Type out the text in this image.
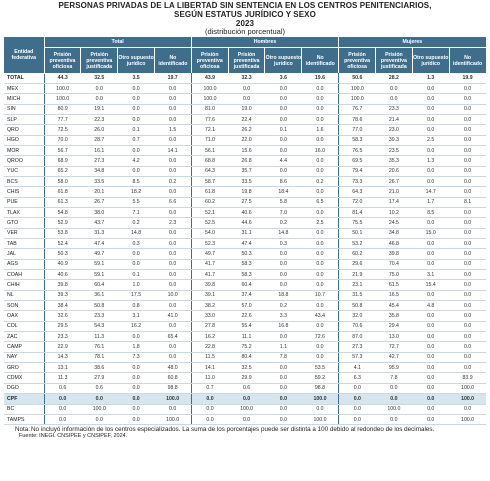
PERSONAS PRIVADAS DE LA LIBERTAD SIN SENTENCIA EN LOS CENTROS PENITENCIARIOS,
SEGÚN ESTATUS JURÍDICO Y SEXO
2023
(distribución porcentual)
Entidad federativa	Total				Hombres				Mujeres			
	Prisión preventiva oficiosa	Prisión preventiva justificada	Otro supuesto jurídico	No identificado	Prisión preventiva oficiosa	Prisión preventiva justificada	Otro supuesto jurídico	No identificado	Prisión preventiva oficiosa	Prisión preventiva justificada	Otro supuesto jurídico	No identificado
TOTAL	44.3	32.5	3.5	19.7	43.9	32.3	3.6	19.6	50.6	28.2	1.3	19.9
MEX	100.0	0.0	0.0	0.0	100.0	0.0	0.0	0.0	100.0	0.0	0.0	0.0
MICH	100.0	0.0	0.0	0.0	100.0	0.0	0.0	0.0	100.0	0.0	0.0	0.0
SIN	80.9	19.1	0.0	0.0	81.0	19.0	0.0	0.0	76.7	23.3	0.0	0.0
SLP	77.7	22.3	0.0	0.0	77.6	22.4	0.0	0.0	78.6	21.4	0.0	0.0
QRO	72.5	26.0	0.1	1.5	72.1	26.2	0.1	1.6	77.0	23.0	0.0	0.0
HGO	70.0	28.7	0.7	0.0	71.0	22.0	0.0	0.0	58.3	39.3	2.5	0.0
MOR	56.7	16.1	0.0	14.1	56.1	15.6	0.0	16.0	76.5	23.5	0.0	0.0
QROO	68.9	27.3	4.2	0.0	68.8	26.8	4.4	0.0	69.5	35.3	1.3	0.0
YUC	65.2	34.8	0.0	0.0	64.3	35.7	0.0	0.0	79.4	20.6	0.0	0.0
BCS	58.0	33.5	8.5	0.2	58.7	33.5	8.6	0.2	73.3	26.7	0.0	0.0
CHIS	61.8	20.1	18.2	0.0	61.8	19.8	18.4	0.0	64.3	21.0	14.7	0.0
PUE	61.3	26.7	5.5	6.6	60.2	27.5	5.8	6.5	72.0	17.4	1.7	8.1
TLAX	54.8	38.0	7.1	0.0	52.1	40.6	7.0	0.0	81.4	10.2	8.5	0.0
GTO	52.9	43.7	0.2	2.3	52.5	44.6	0.2	2.5	75.5	24.5	0.0	0.0
VER	53.8	31.3	14.8	0.0	54.0	31.1	14.8	0.0	50.1	34.8	15.0	0.0
TAB	52.4	47.4	0.3	0.0	52.3	47.4	0.3	0.0	53.2	46.8	0.0	0.0
JAL	50.3	49.7	0.0	0.0	49.7	50.3	0.0	0.0	60.2	39.8	0.0	0.0
AGS	40.9	59.1	0.0	0.0	41.7	58.3	0.0	0.0	29.6	70.4	0.0	0.0
COAH	40.6	59.1	0.1	0.0	41.7	58.3	0.0	0.0	21.9	75.0	3.1	0.0
CHIH	39.8	60.4	1.0	0.0	39.8	60.4	0.0	0.0	23.1	61.5	15.4	0.0
NL	39.3	36.1	17.5	10.0	39.1	37.4	18.8	10.7	31.5	16.5	0.0	0.0
SON	38.4	50.8	0.8	0.0	38.2	57.0	0.2	0.0	50.8	45.4	4.8	0.0
OAX	32.6	23.3	3.1	41.0	33.0	22.6	3.3	43.4	32.0	35.8	0.0	0.0
COL	29.5	54.3	16.2	0.0	27.8	55.4	16.8	0.0	70.6	29.4	0.0	0.0
ZAC	23.3	11.3	0.0	65.4	16.2	11.1	0.0	72.6	87.0	13.0	0.0	0.0
CAMP	22.9	76.1	1.8	0.0	22.8	75.2	1.1	0.0	27.3	72.7	0.0	0.0
NAY	14.3	78.1	7.3	0.0	11.5	80.4	7.8	0.0	57.3	42.7	0.0	0.0
GRO	13.1	38.6	0.0	48.0	14.1	32.5	0.0	53.5	4.1	95.9	0.0	0.0
CDMX	11.3	27.9	0.0	60.8	11.0	29.9	0.0	59.2	6.3	7.8	0.0	83.9
DGO	0.6	0.6	0.0	98.8	0.7	0.6	0.0	98.8	0.0	0.0	0.0	100.0
CPF	0.0	0.0	0.0	100.0	0.0	0.0	0.0	100.0	0.0	0.0	0.0	100.0
BC	0.0	100.0	0.0	0.0	0.0	100.0	0.0	0.0	0.0	100.0	0.0	0.0
TAMPS	0.0	0.0	0.0	100.0	0.0	0.0	0.0	100.0	0.0	0.0	0.0	100.0
Nota:No incluyó información de los centros especializados. La suma de los porcentajes puede ser distinta a 100 debido al redondeo de los decimales.
Fuente: INEGI. CNSIPEE y CNSIPEF, 2024.
